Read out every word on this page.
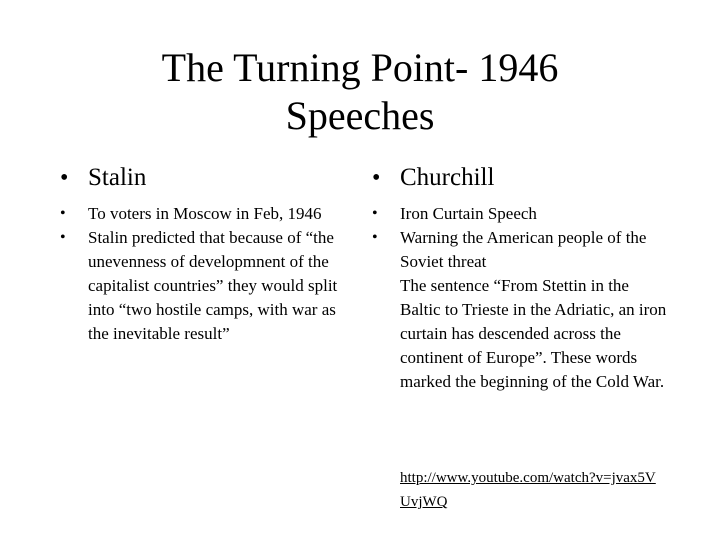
The Turning Point- 1946
Speeches
• Stalin
• To voters in Moscow in Feb, 1946
• Stalin predicted that because of “the unevenness of developmnent of the capitalist countries” they would split into “two hostile camps, with war as the inevitable result”
• Churchill
• Iron Curtain Speech
• Warning the American people of the Soviet threat
The sentence “From Stettin in the Baltic to Trieste in the Adriatic, an iron curtain has descended across the continent of Europe”. These words marked the beginning of the Cold War.
http://www.youtube.com/watch?v=jvax5VUvjWQ
